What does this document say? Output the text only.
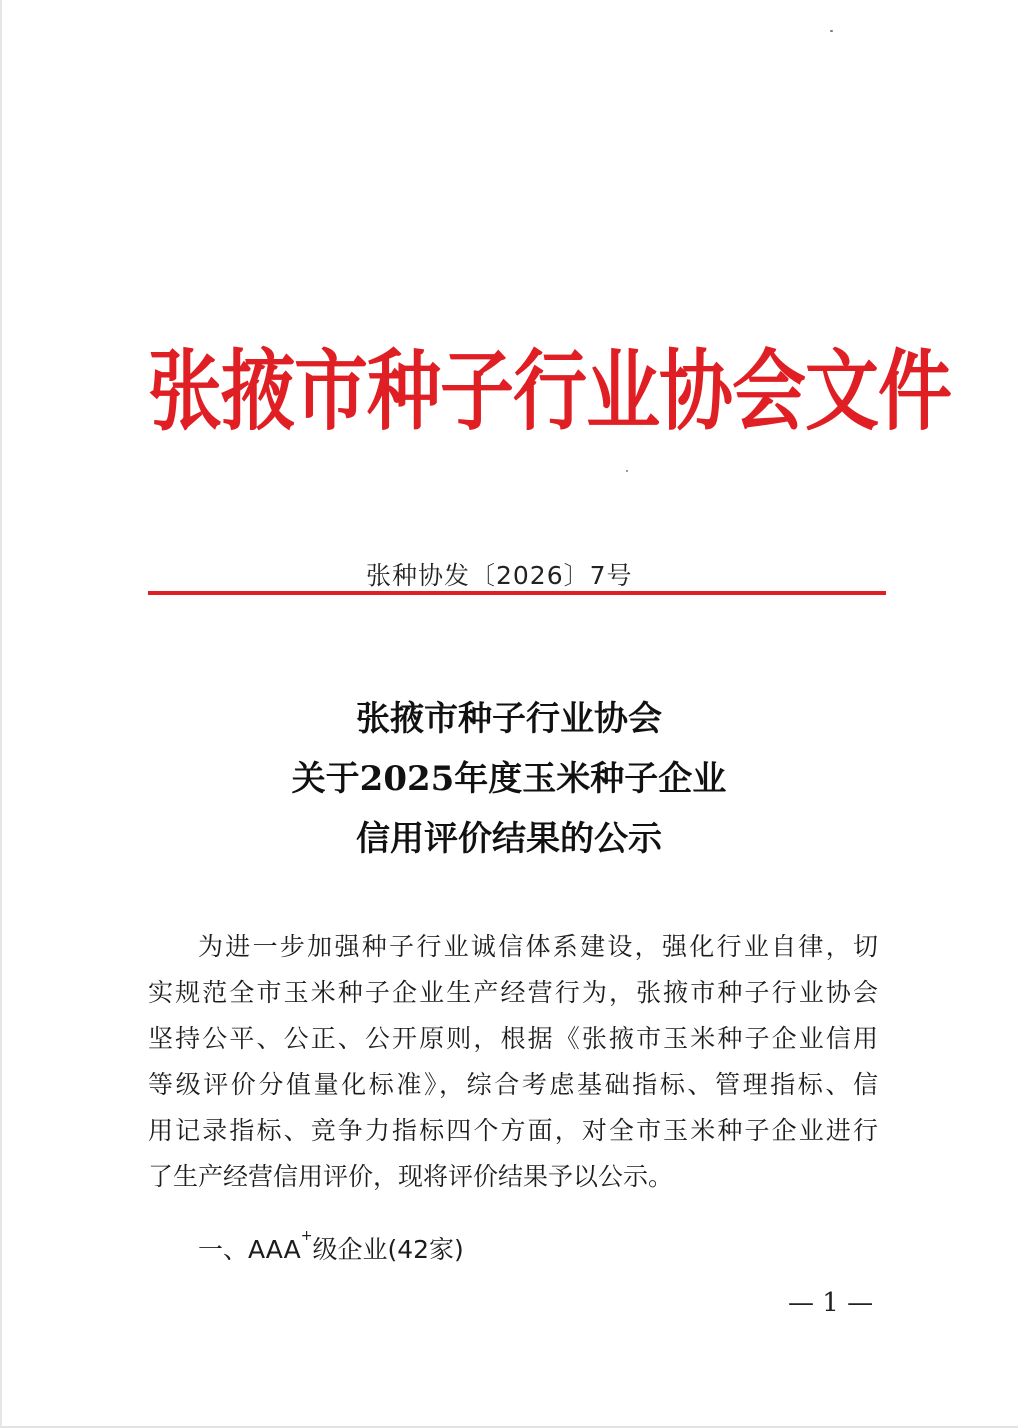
张掖市种子行业协会文件
张种协发〔2026〕7号
张掖市种子行业协会
关于2025年度玉米种子企业
信用评价结果的公示
为进一步加强种子行业诚信体系建设，强化行业自律，切
实规范全市玉米种子企业生产经营行为，张掖市种子行业协会
坚持公平、公正、公开原则，根据《张掖市玉米种子企业信用
等级评价分值量化标准》，综合考虑基础指标、管理指标、信
用记录指标、竞争力指标四个方面，对全市玉米种子企业进行
了生产经营信用评价，现将评价结果予以公示。
一、AAA+级企业(42家)
— 1 —
